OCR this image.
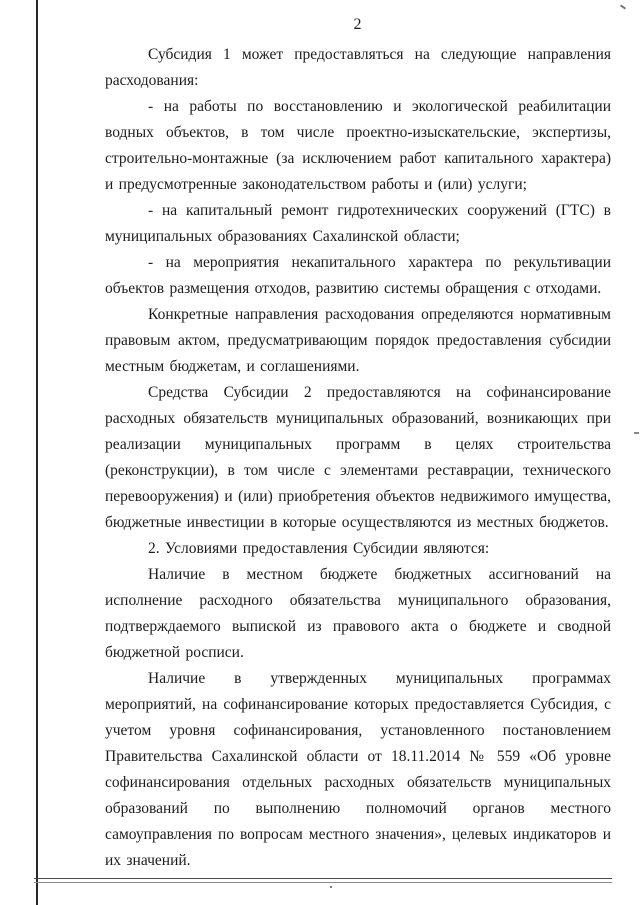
2

Субсидия 1 может предоставляться на следующие направления расходования:

- на работы по восстановлению и экологической реабилитации водных объектов, в том числе проектно-изыскательские, экспертизы, строительно-монтажные (за исключением работ капитального характера) и предусмотренные законодательством работы и (или) услуги;

- на капитальный ремонт гидротехнических сооружений (ГТС) в муниципальных образованиях Сахалинской области;

- на мероприятия некапитального характера по рекультивации объектов размещения отходов, развитию системы обращения с отходами.

Конкретные направления расходования определяются нормативным правовым актом, предусматривающим порядок предоставления субсидии местным бюджетам, и соглашениями.

Средства Субсидии 2 предоставляются на софинансирование расходных обязательств муниципальных образований, возникающих при реализации муниципальных программ в целях строительства (реконструкции), в том числе с элементами реставрации, технического перевооружения) и (или) приобретения объектов недвижимого имущества, бюджетные инвестиции в которые осуществляются из местных бюджетов.

2. Условиями предоставления Субсидии являются:

Наличие в местном бюджете бюджетных ассигнований на исполнение расходного обязательства муниципального образования, подтверждаемого выпиской из правового акта о бюджете и сводной бюджетной росписи.

Наличие в утвержденных муниципальных программах мероприятий, на софинансирование которых предоставляется Субсидия, с учетом уровня софинансирования, установленного постановлением Правительства Сахалинской области от 18.11.2014 № 559 «Об уровне софинансирования отдельных расходных обязательств муниципальных образований по выполнению полномочий органов местного самоуправления по вопросам местного значения», целевых индикаторов и их значений.
